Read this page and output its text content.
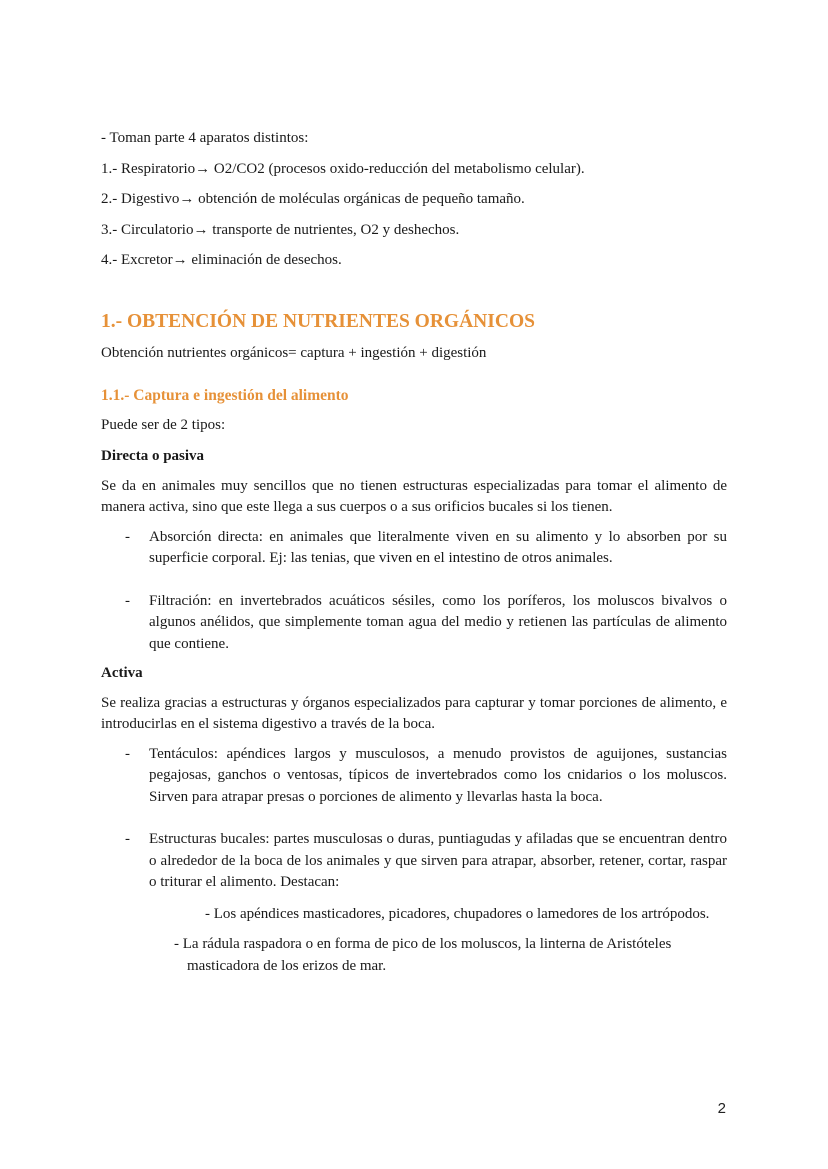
- Toman parte 4 aparatos distintos:
1.- Respiratorio→ O2/CO2 (procesos oxido-reducción del metabolismo celular).
2.- Digestivo→ obtención de moléculas orgánicas de pequeño tamaño.
3.- Circulatorio→ transporte de nutrientes, O2 y deshechos.
4.- Excretor→ eliminación de desechos.
1.- OBTENCIÓN DE NUTRIENTES ORGÁNICOS

Obtención nutrientes orgánicos= captura + ingestión + digestión

1.1.- Captura e ingestión del alimento

Puede ser de 2 tipos:

Directa o pasiva

Se da en animales muy sencillos que no tienen estructuras especializadas para tomar el alimento de manera activa, sino que este llega a sus cuerpos o a sus orificios bucales si los tienen.

- Absorción directa: en animales que literalmente viven en su alimento y lo absorben por su superficie corporal. Ej: las tenias, que viven en el intestino de otros animales.
- Filtración: en invertebrados acuáticos sésiles, como los poríferos, los moluscos bivalvos o algunos anélidos, que simplemente toman agua del medio y retienen las partículas de alimento que contiene.

Activa

Se realiza gracias a estructuras y órganos especializados para capturar y tomar porciones de alimento, e introducirlas en el sistema digestivo a través de la boca.

- Tentáculos: apéndices largos y musculosos, a menudo provistos de aguijones, sustancias pegajosas, ganchos o ventosas, típicos de invertebrados como los cnidarios o los moluscos. Sirven para atrapar presas o porciones de alimento y llevarlas hasta la boca.
- Estructuras bucales: partes musculosas o duras, puntiagudas y afiladas que se encuentran dentro o alrededor de la boca de los animales y que sirven para atrapar, absorber, retener, cortar, raspar o triturar el alimento. Destacan:
- Los apéndices masticadores, picadores, chupadores o lamedores de los artrópodos.
- La rádula raspadora o en forma de pico de los moluscos, la linterna de Aristóteles masticadora de los erizos de mar.
2
